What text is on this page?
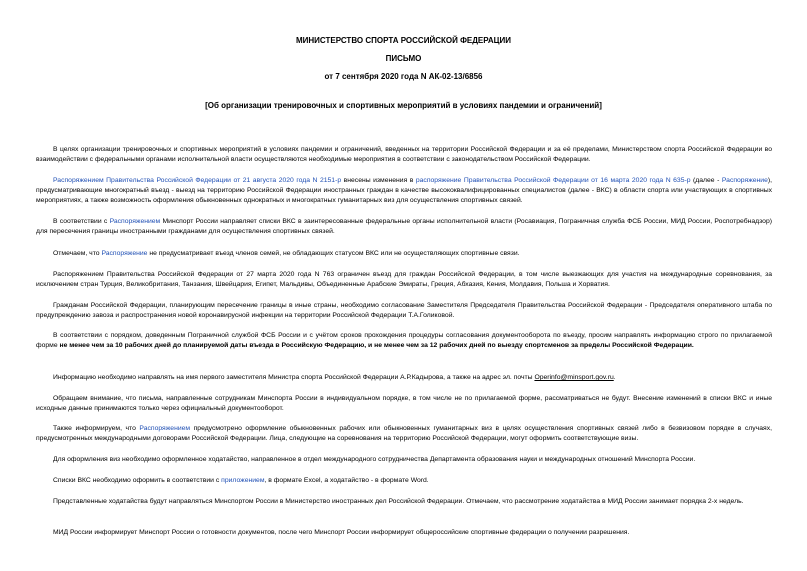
МИНИСТЕРСТВО СПОРТА РОССИЙСКОЙ ФЕДЕРАЦИИ
ПИСЬМО
от 7 сентября 2020 года N АК-02-13/6856
[Об организации тренировочных и спортивных мероприятий в условиях пандемии и ограничений]
В целях организации тренировочных и спортивных мероприятий в условиях пандемии и ограничений, введенных на территории Российской Федерации и за её пределами, Министерством спорта Российской Федерации во взаимодействии с федеральными органами исполнительной власти осуществляются необходимые мероприятия в соответствии с законодательством Российской Федерации.
Распоряжением Правительства Российской Федерации от 21 августа 2020 года N 2151-р внесены изменения в распоряжение Правительства Российской Федерации от 16 марта 2020 года N 635-р (далее - Распоряжение), предусматривающие многократный въезд - выезд на территорию Российской Федерации иностранных граждан в качестве высококвалифицированных специалистов (далее - ВКС) в области спорта или участвующих в спортивных мероприятиях, а также возможность оформления обыкновенных однократных и многократных гуманитарных виз для осуществления спортивных связей.
В соответствии с Распоряжением Минспорт России направляет списки ВКС в заинтересованные федеральные органы исполнительной власти (Росавиация, Пограничная служба ФСБ России, МИД России, Роспотребнадзор) для пересечения границы иностранными гражданами для осуществления спортивных связей.
Отмечаем, что Распоряжение не предусматривает въезд членов семей, не обладающих статусом ВКС или не осуществляющих спортивные связи.
Распоряжением Правительства Российской Федерации от 27 марта 2020 года N 763 ограничен въезд для граждан Российской Федерации, в том числе выезжающих для участия на международные соревнования, за исключением стран Турция, Великобритания, Танзания, Швейцария, Египет, Мальдивы, Объединенные Арабские Эмираты, Греция, Абхазия, Кения, Молдавия, Польша и Хорватия.
Гражданам Российской Федерации, планирующим пересечение границы в иные страны, необходимо согласование Заместителя Председателя Правительства Российской Федерации - Председателя оперативного штаба по предупреждению завоза и распространения новой коронавирусной инфекции на территории Российской Федерации Т.А.Голиковой.
В соответствии с порядком, доведенным Пограничной службой ФСБ России и с учётом сроков прохождения процедуры согласования документооборота по въезду, просим направлять информацию строго по прилагаемой форме не менее чем за 10 рабочих дней до планируемой даты въезда в Российскую Федерацию, и не менее чем за 12 рабочих дней по выезду спортсменов за пределы Российской Федерации.
Информацию необходимо направлять на имя первого заместителя Министра спорта Российской Федерации А.Р.Кадырова, а также на адрес эл. почты Operinfo@minsport.gov.ru.
Обращаем внимание, что письма, направленные сотрудникам Минспорта России в индивидуальном порядке, в том числе не по прилагаемой форме, рассматриваться не будут. Внесение изменений в списки ВКС и иные исходные данные принимаются только через официальный документооборот.
Также информируем, что Распоряжением предусмотрено оформление обыкновенных рабочих или обыкновенных гуманитарных виз в целях осуществления спортивных связей либо в безвизовом порядке в случаях, предусмотренных международными договорами Российской Федерации. Лица, следующие на соревнования на территорию Российской Федерации, могут оформить соответствующие визы.
Для оформления виз необходимо оформленное ходатайство, направленное в отдел международного сотрудничества Департамента образования науки и международных отношений Минспорта России.
Списки ВКС необходимо оформить в соответствии с приложением, в формате Excel, а ходатайство - в формате Word.
Представленные ходатайства будут направляться Минспортом России в Министерство иностранных дел Российской Федерации. Отмечаем, что рассмотрение ходатайства в МИД России занимает порядка 2-х недель.
МИД России информирует Минспорт России о готовности документов, после чего Минспорт России информирует общероссийские спортивные федерации о получении разрешения.
